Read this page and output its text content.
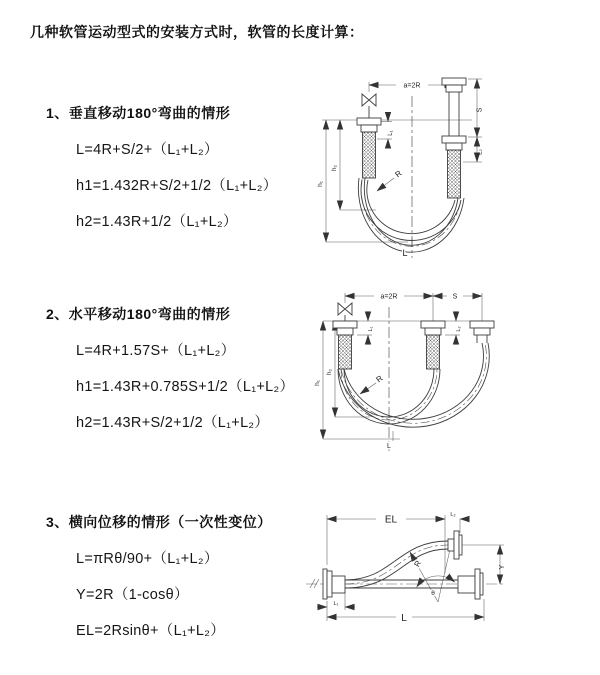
几种软管运动型式的安装方式时，软管的长度计算：
1、垂直移动180°弯曲的情形
L=4R+S/2+（L₁+L₂）
h1=1.432R+S/2+1/2（L₁+L₂）
h2=1.43R+1/2（L₁+L₂）
2、水平移动180°弯曲的情形
L=4R+1.57S+（L₁+L₂）
h1=1.43R+0.785S+1/2（L₁+L₂）
h2=1.43R+S/2+1/2（L₁+L₂）
3、横向位移的情形（一次性变位）
L=πRθ/90+（L₁+L₂）
Y=2R（1-cosθ）
EL=2Rsinθ+（L₁+L₂）
a=2R
L₁
h₁
h₂
S
L₂
R
L
a=2R	S
L₁	L₂
h₁
h₂
R
L
EL	L₂
Y
L
L₁
R
θ
